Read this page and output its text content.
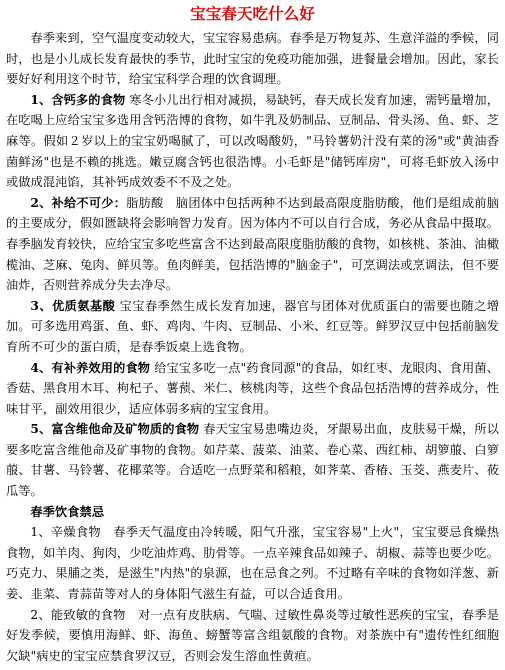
宝宝春天吃什么好

春季来到，空气温度变动较大，宝宝容易患病。春季是万物复苏、生意洋溢的季候，同时，也是小儿成长发育最快的季节，此时宝宝的免疫功能加强，进餐量会增加。因此，家长要好好利用这个时节，给宝宝科学合理的饮食调理。

1、含钙多的食物 寒冬小儿出行相对减损，易缺钙，春天成长发育加速，需钙量增加，在吃喝上应给宝宝多选用含钙浩博的食物，如牛乳及奶制品、豆制品、骨头汤、鱼、虾、芝麻等。假如２岁以上的宝宝奶喝腻了，可以改喝酸奶，"马铃薯奶汁没有菜的汤"或"黄油香菌鲜汤"也是不赖的挑选。嫩豆腐含钙也很浩博。小毛虾是"储钙库房"，可将毛虾放入汤中或做成混沌馅，其补钙成效委不不及之处。

2、补给不可少：脂肪酸　脑团体中包括两种不达到最高限度脂肪酸，他们是组成前脑的主要成分，假如匮缺将会影响智力发育。因为体内不可以自行合成，务必从食品中摄取。春季脑发育较快，应给宝宝多吃些富含不达到最高限度脂肪酸的食物，如核桃、茶油、油橄榄油、芝麻、兔肉、鲜贝等。鱼肉鲜美，包括浩博的"脑金子"，可烹调法或烹调法，但不要油炸，否则营养成分失去净尽。

3、优质氨基酸 宝宝春季然生成长发育加速，器官与团体对优质蛋白的需要也随之增加。可多选用鸡蛋、鱼、虾、鸡肉、牛肉、豆制品、小米、红豆等。鲜罗汉豆中包括前脑发育所不可少的蛋白质，是春季饭桌上选食物。

4、有补养效用的食物 给宝宝多吃一点"药食同源"的食品，如红枣、龙眼肉、食用菌、香菇、黑食用木耳、枸杞子、薯蓣、米仁、核桃肉等，这些个食品包括浩博的营养成分，性味甘平，副效用很少，适应体弱多病的宝宝食用。

5、富含维他命及矿物质的食物 春天宝宝易患嘴边炎，牙龈易出血，皮肤易干燥，所以要多吃富含维他命及矿事物的食物。如芹菜、菠菜、油菜、卷心菜、西红柿、胡箩菔、白箩菔、甘薯、马铃薯、花椰菜等。合适吃一点野菜和稻粮，如荠菜、香椿、玉茭、燕麦片、莜瓜等。

春季饮食禁忌

1、辛燥食物　春季天气温度由冷转暖，阳气升涨，宝宝容易"上火"，宝宝要忌食燥热食物，如羊肉、狗肉，少吃油炸鸡、肋骨等。一点辛辣食品如辣子、胡椒、蒜等也要少吃。巧克力、果脯之类，是滋生"内热"的泉源，也在忌食之列。不过略有辛味的食物如洋葱、新姜、韭菜、青蒜苗等对人的身体阳气滋生有益，可以合适食用。

2、能致敏的食物　对一点有皮肤病、气喘、过敏性鼻炎等过敏性恶疾的宝宝，春季是好发季候，要慎用海鲜、虾、海鱼、螃蟹等富含组氨酸的食物。对茶族中有"遗传性红细胞欠缺"病史的宝宝应禁食罗汉豆，否则会发生溶血性黄疸。
